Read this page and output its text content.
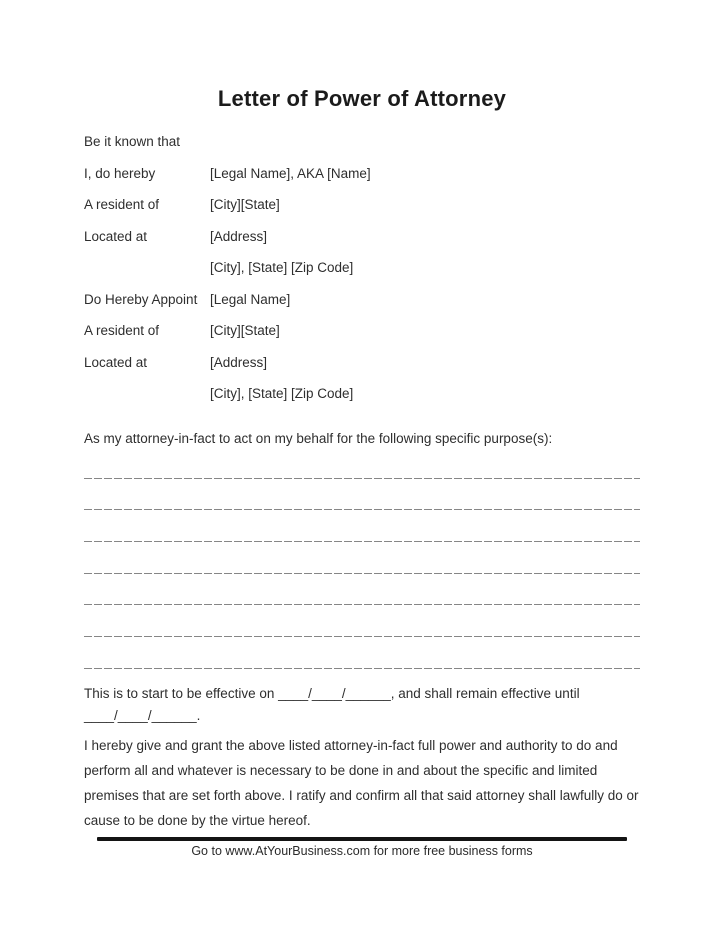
Letter of Power of Attorney
Be it known that
I, do hereby	[Legal Name], AKA [Name]
A resident of	[City][State]
Located at	[Address]
[City], [State] [Zip Code]
Do Hereby Appoint [Legal Name]
A resident of	[City][State]
Located at	[Address]
[City], [State] [Zip Code]
As my attorney-in-fact to act on my behalf for the following specific purpose(s):
This is to start to be effective on ____/____/______, and shall remain effective until
____/____/______.
I hereby give and grant the above listed attorney-in-fact full power and authority to do and perform all and whatever is necessary to be done in and about the specific and limited premises that are set forth above. I ratify and confirm all that said attorney shall lawfully do or cause to be done by the virtue hereof.
Go to www.AtYourBusiness.com for more free business forms
